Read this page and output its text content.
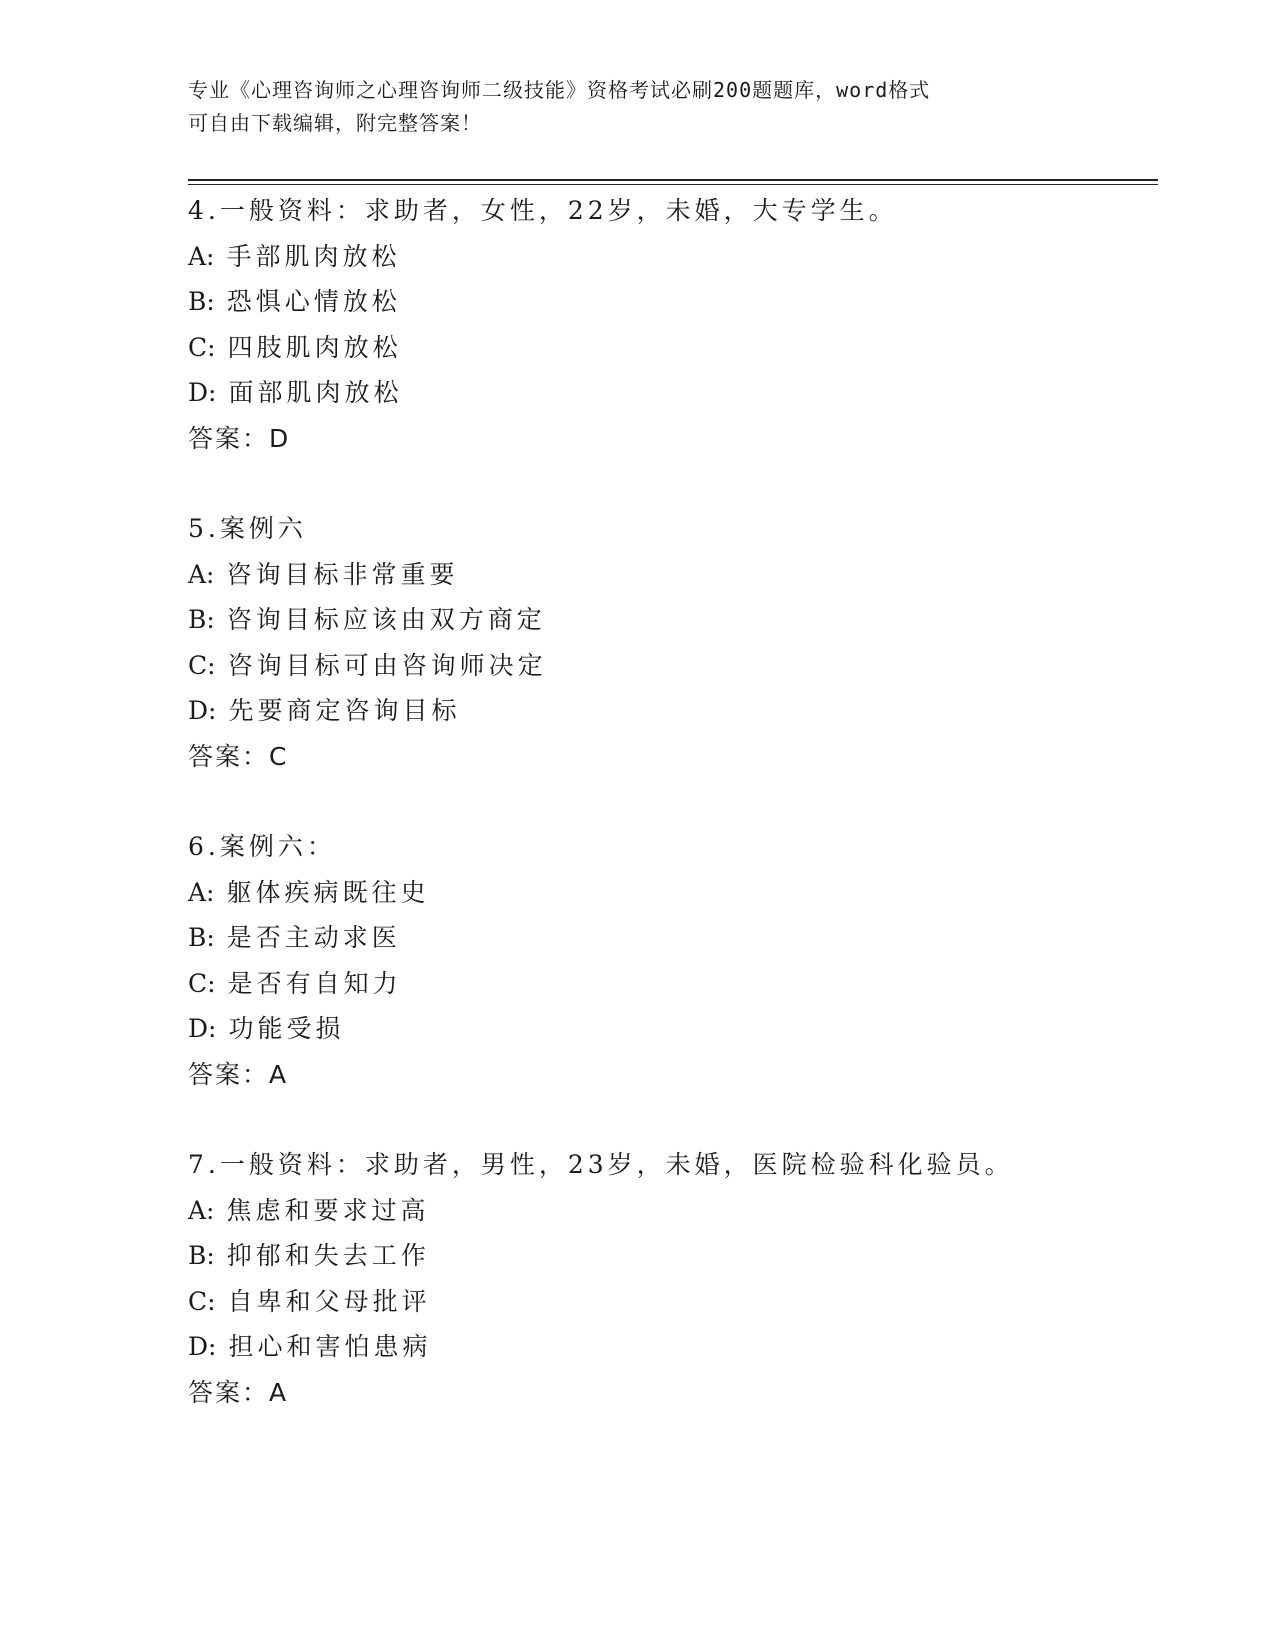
专业《心理咨询师之心理咨询师二级技能》资格考试必刷200题题库，word格式
可自由下载编辑，附完整答案！
4.一般资料：求助者，女性，22岁，未婚，大专学生。
A: 手部肌肉放松
B: 恐惧心情放松
C: 四肢肌肉放松
D: 面部肌肉放松
答案：D
5.案例六
A: 咨询目标非常重要
B: 咨询目标应该由双方商定
C: 咨询目标可由咨询师决定
D: 先要商定咨询目标
答案：C
6.案例六：
A: 躯体疾病既往史
B: 是否主动求医
C: 是否有自知力
D: 功能受损
答案：A
7.一般资料：求助者，男性，23岁，未婚，医院检验科化验员。
A: 焦虑和要求过高
B: 抑郁和失去工作
C: 自卑和父母批评
D: 担心和害怕患病
答案：A
